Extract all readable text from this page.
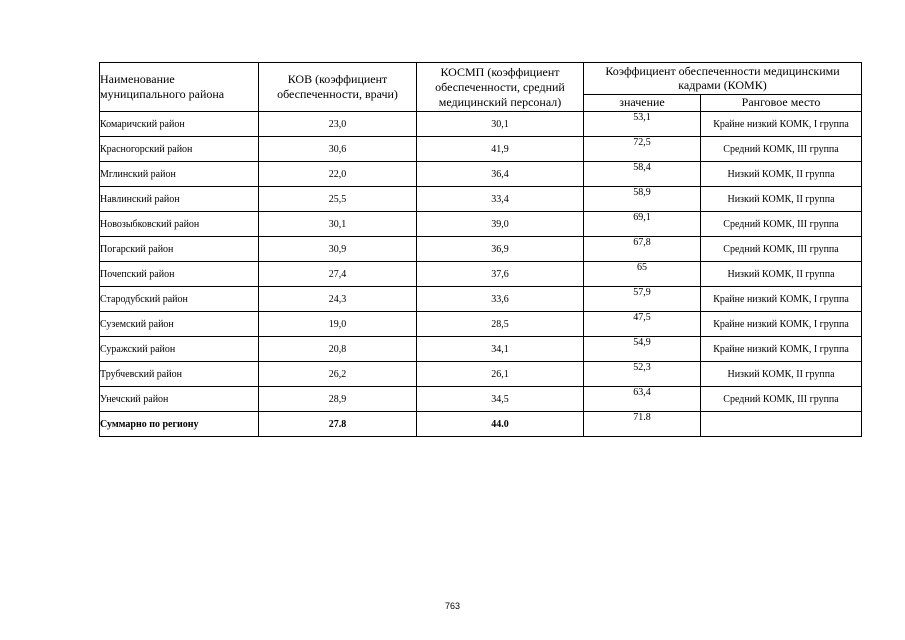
Наименование муниципального района	КОВ (коэффициент обеспеченности, врачи)	КОСМП (коэффициент обеспеченности, средний медицинский персонал)	Коэффициент обеспеченности медицинскими кадрами (КОМК)	
			значение	Ранговое место
Комаричский район	23,0	30,1	53,1	Крайне низкий КОМК, I группа
Красногорский район	30,6	41,9	72,5	Средний КОМК, III группа
Мглинский район	22,0	36,4	58,4	Низкий КОМК, II группа
Навлинский район	25,5	33,4	58,9	Низкий КОМК, II группа
Новозыбковский район	30,1	39,0	69,1	Средний КОМК, III группа
Погарский район	30,9	36,9	67,8	Средний КОМК, III группа
Почепский район	27,4	37,6	65	Низкий КОМК, II группа
Стародубский район	24,3	33,6	57,9	Крайне низкий КОМК, I группа
Суземский район	19,0	28,5	47,5	Крайне низкий КОМК, I группа
Суражский район	20,8	34,1	54,9	Крайне низкий КОМК, I группа
Трубчевский район	26,2	26,1	52,3	Низкий КОМК, II группа
Унечский район	28,9	34,5	63,4	Средний КОМК, III группа
Суммарно по региону	27.8	44.0	71.8	
763
